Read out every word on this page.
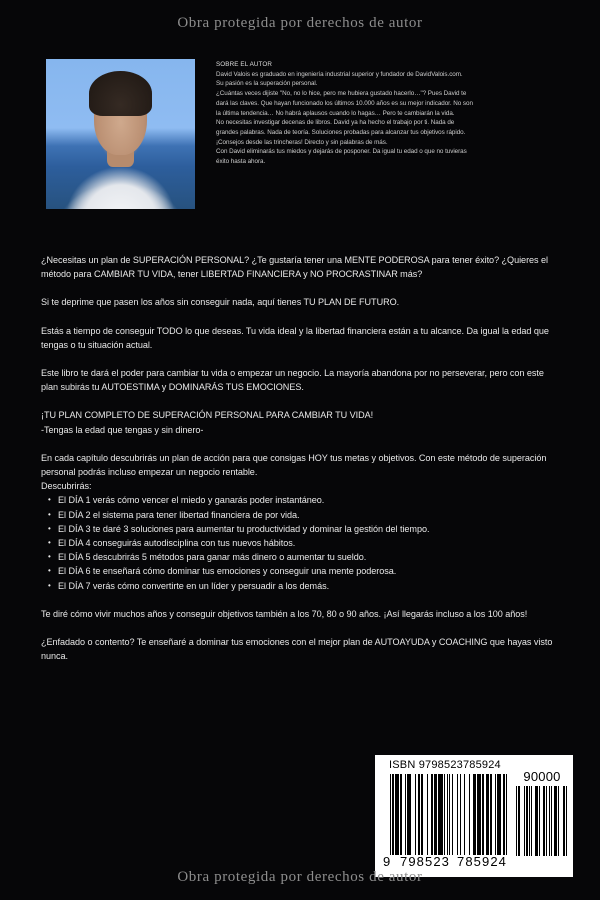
Obra protegida por derechos de autor

SOBRE EL AUTOR

David Valois es graduado en ingeniería industrial superior y fundador de DavidValois.com.

Su pasión es la superación personal.

¿Cuántas veces dijiste "No, no lo hice, pero me hubiera gustado hacerlo…"? Pues David te

dará las claves. Que hayan funcionado los últimos 10.000 años es su mejor indicador. No son

la última tendencia… No habrá aplausos cuando lo hagas… Pero te cambiarán la vida.

No necesitas investigar decenas de libros. David ya ha hecho el trabajo por ti. Nada de

grandes palabras. Nada de teoría. Soluciones probadas para alcanzar tus objetivos rápido.

¡Consejos desde las trincheras! Directo y sin palabras de más.

Con David eliminarás tus miedos y dejarás de posponer. Da igual tu edad o que no tuvieras

éxito hasta ahora.

¿Necesitas un plan de SUPERACIÓN PERSONAL? ¿Te gustaría tener una MENTE PODEROSA para tener éxito? ¿Quieres el método para CAMBIAR TU VIDA, tener LIBERTAD FINANCIERA y NO PROCRASTINAR más?

Si te deprime que pasen los años sin conseguir nada, aquí tienes TU PLAN DE FUTURO.

Estás a tiempo de conseguir TODO lo que deseas. Tu vida ideal y la libertad financiera están a tu alcance. Da igual la edad que tengas o tu situación actual.

Este libro te dará el poder para cambiar tu vida o empezar un negocio. La mayoría abandona por no perseverar, pero con este plan subirás tu AUTOESTIMA y DOMINARÁS TUS EMOCIONES.

¡TU PLAN COMPLETO DE SUPERACIÓN PERSONAL PARA CAMBIAR TU VIDA!

-Tengas la edad que tengas y sin dinero-

En cada capítulo descubrirás un plan de acción para que consigas HOY tus metas y objetivos. Con este método de superación personal podrás incluso empezar un negocio rentable.

Descubrirás:

• El DÍA 1 verás cómo vencer el miedo y ganarás poder instantáneo.
• El DÍA 2 el sistema para tener libertad financiera de por vida.
• El DÍA 3 te daré 3 soluciones para aumentar tu productividad y dominar la gestión del tiempo.
• El DÍA 4 conseguirás autodisciplina con tus nuevos hábitos.
• El DÍA 5 descubrirás 5 métodos para ganar más dinero o aumentar tu sueldo.
• El DÍA 6 te enseñará cómo dominar tus emociones y conseguir una mente poderosa.
• El DÍA 7 verás cómo convertirte en un líder y persuadir a los demás.

Te diré cómo vivir muchos años y conseguir objetivos también a los 70, 80 o 90 años. ¡Así llegarás incluso a los 100 años!

¿Enfadado o contento? Te enseñaré a dominar tus emociones con el mejor plan de AUTOAYUDA y COACHING que hayas visto nunca.

ISBN 9798523785924
9 798523 785924
90000
Obra protegida por derechos de autor
